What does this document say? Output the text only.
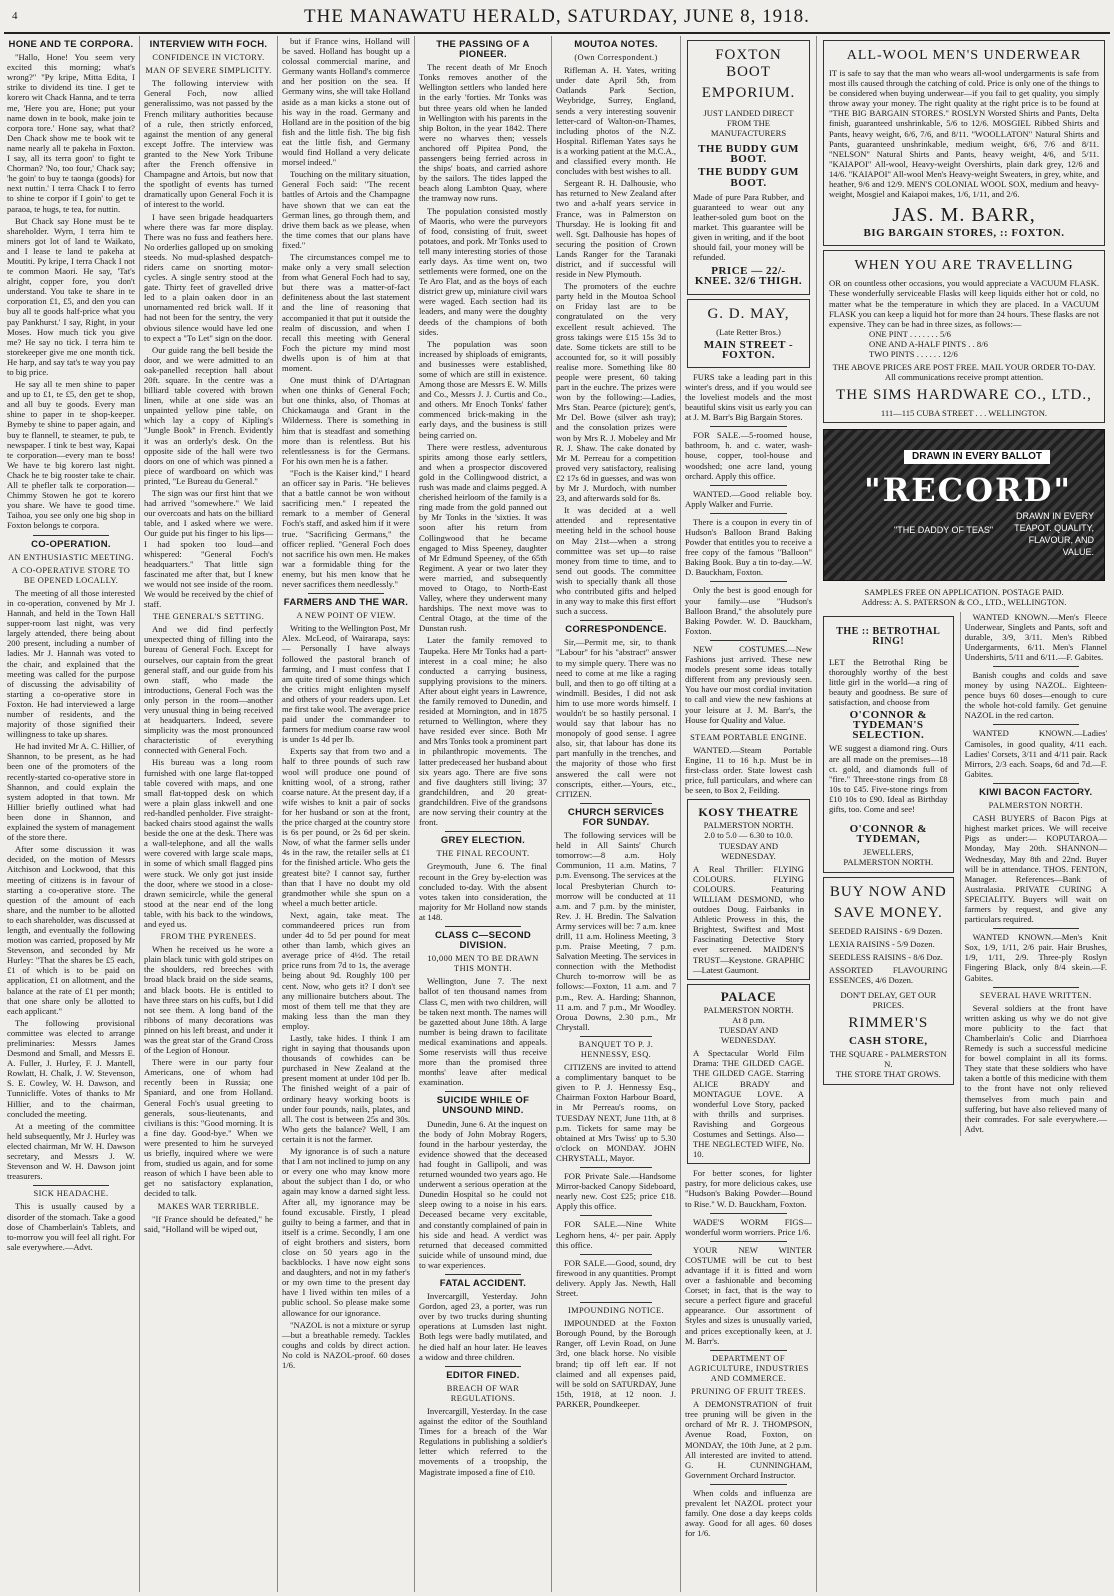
4	THE MANAWATU HERALD, SATURDAY, JUNE 8, 1918.
HONE AND TE CORPORA.

"Hallo, Hone! You seem very excited this morning; what's wrong?" "Py kripe, Mitta Edita, I strike to dividend its tine. I get te korero wit Chack Hanna, and te terra me, 'Here you are, Hone; put your name down in te book, make join te corpora tore.' Hone say, what that? Den Chack show me te book wit te name nearly all te pakeha in Foxton. I say, all its terra goon' to fight te Chorman? 'No, too four,' Chack say; 'he goin' to buy te taonga (goods) for next nuttin.' I terra Chack I to ferro to shine te corpor if I goin' to get te paraoa, te hugs, te tea, for nuttin.

But Chack say Hone must be te shareholder. Wyrn, I terra him te miners got lot of land te Waikato, and I lease te land te pakeha at Moutiti. Py kripe, I terra Chack I not te common Maori. He say, 'Tat's alright, copper fore, you don't understand. You take te share in te corporation £1, £5, and den you can buy all te goods half-price what you pay Pankhurst.' I say, Right, in your Moses. How much tick you give me? He say no tick. I terra him te storekeeper give me one month tick. He harp, and say tat's te way you pay to big price.

He say all te men shine to paper and up to £1, te £5, den get te shop, and all buy te goods. Every man shine to paper in te shop-keeper. Bymeby te shine to paper again, and buy te flannell, te steamer, te pub, te newspaper. I tink te best way, Kapai te corporation—every man te boss! We have te big korero last night. Chack he te big rooster take te chair. All te phefler talk te corporation—Chimmy Stowen he got te korero you share. We have te good time. Taihoa, you see only one big shop in Foxton belongs te corpora.

CO-OPERATION.
AN ENTHUSIASTIC MEETING.
A CO-OPERATIVE STORE TO BE OPENED LOCALLY.

The meeting of all those interested in co-operation, convened by Mr J. Hannah, and held in the Town Hall supper-room last night, was very largely attended, there being about 200 present, including a number of ladies. Mr J. Hannah was voted to the chair, and explained that the meeting was called for the purpose of discussing the advisability of starting a co-operative store in Foxton. He had interviewed a large number of residents, and the majority of those signified their willingness to take up shares.

He had invited Mr A. C. Hillier, of Shannon, to be present, as he had been one of the promoters of the recently-started co-operative store in Shannon, and could explain the system adopted in that town. Mr Hillier briefly outlined what had been done in Shannon, and explained the system of management of the store there.

After some discussion it was decided, on the motion of Messrs Aitchison and Lockwood, that this meeting of citizens is in favour of starting a co-operative store. The question of the amount of each share, and the number to be allotted to each shareholder, was discussed at length, and eventually the following motion was carried, proposed by Mr Stevenson, and seconded by Mr Hurley: "That the shares be £5 each, £1 of which is to be paid on application, £1 on allotment, and the balance at the rate of £1 per month; that one share only be allotted to each applicant."

The following provisional committee was elected to arrange preliminaries: Messrs James Desmond and Small, and Messrs E. A. Fuller, J. Hurley, F. J. Mantell, Rowlatt, H. Chalk, J. W. Stevenson, S. E. Cowley, W. H. Dawson, and Tunnicliffe. Votes of thanks to Mr Hillier, and to the chairman, concluded the meeting.

At a meeting of the committee held subsequently, Mr J. Hurley was elected chairman, Mr W. H. Dawson secretary, and Messrs J. W. Stevenson and W. H. Dawson joint treasurers.

SICK HEADACHE.

This is usually caused by a disorder of the stomach. Take a good dose of Chamberlain's Tablets, and to-morrow you will feel all right. For sale everywhere.—Advt.

INTERVIEW WITH FOCH.
CONFIDENCE IN VICTORY.
MAN OF SEVERE SIMPLICITY.

The following interview with General Foch, now allied generalissimo, was not passed by the French military authorities because of a rule, then strictly enforced, against the mention of any general except Joffre. The interview was granted to the New York Tribune after the French offensive in Champagne and Artois, but now that the spotlight of events has turned dramatically upon General Foch it is of interest to the world.

I have seen brigade headquarters where there was far more display. There was no fuss and feathers here. No orderlies galloped up on smoking steeds. No mud-splashed despatch-riders came on snorting motor-cycles. A single sentry stood at the gate. Thirty feet of gravelled drive led to a plain oaken door in an unornamented red brick wall. If it had not been for the sentry, the very obvious silence would have led one to expect a "To Let" sign on the door.

Our guide rang the bell beside the door, and we were admitted to an oak-panelled reception hall about 20ft. square. In the centre was a billiard table covered with brown linen, while at one side was an unpainted yellow pine table, on which lay a copy of Kipling's "Jungle Book" in French. Evidently it was an orderly's desk. On the opposite side of the hall were two doors on one of which was pinned a piece of wardboard on which was printed, "Le Bureau du General."

The sign was our first hint that we had arrived "somewhere." We laid our overcoats and hats on the billiard table, and I asked where we were. Our guide put his finger to his lips—I had spoken too loud—and whispered: "General Foch's headquarters." That little sign fascinated me after that, but I knew we would not see inside of the room. We would be received by the chief of staff.

THE GENERAL'S SETTING.

And we did find perfectly unexpected thing of filling into the bureau of General Foch. Except for ourselves, our captain from the great general staff, and our guide from his own staff, who made the introductions, General Foch was the only person in the room—another very unusual thing in being received at headquarters. Indeed, severe simplicity was the most pronounced characteristic of everything connected with General Foch.

His bureau was a long room furnished with one large flat-topped table covered with maps, and one small flat-topped desk on which were a plain glass inkwell and one red-handled penholder. Five straight-backed chairs stood against the walls beside the one at the desk. There was a wall-telephone, and all the walls were covered with large scale maps, in some of which small flagged pins were stuck. We only got just inside the door, where we stood in a close-drawn semicircle, while the general stood at the near end of the long table, with his back to the windows, and eyed us.

FROM THE PYRENEES.

When he received us he wore a plain black tunic with gold stripes on the shoulders, red breeches with broad black braid on the side seams, and black boots. He is entitled to have three stars on his cuffs, but I did not see them. A long band of the ribbons of many decorations was pinned on his left breast, and under it was the great star of the Grand Cross of the Legion of Honour.

There were in our party four Americans, one of whom had recently been in Russia; one Spaniard, and one from Holland. General Foch's usual greeting to generals, sous-lieutenants, and civilians is this: "Good morning. It is a fine day. Good-bye." When we were presented to him he surveyed us briefly, inquired where we were from, studied us again, and for some reason of which I have been able to get no satisfactory explanation, decided to talk.

MAKES WAR TERRIBLE.

"If France should be defeated," he said, "Holland will be wiped out,

but if France wins, Holland will be saved. Holland has bought up a colossal commercial marine, and Germany wants Holland's commerce and her position on the sea. If Germany wins, she will take Holland aside as a man kicks a stone out of his way in the road. Germany and Holland are in the position of the big fish and the little fish. The big fish eat the little fish, and Germany would find Holland a very delicate morsel indeed."

Touching on the military situation, General Foch said: "The recent battles of Artois and the Champagne have shown that we can eat the German lines, go through them, and drive them back as we please, when the time comes that our plans have fixed."

The circumstances compel me to make only a very small selection from what General Foch had to say, but there was a matter-of-fact definiteness about the last statement and the line of reasoning that accompanied it that put it outside the realm of discussion, and when I recall this meeting with General Foch the picture my mind most dwells upon is of him at that moment.

One must think of D'Artagnan when one thinks of General Foch; but one thinks, also, of Thomas at Chickamauga and Grant in the Wilderness. There is something in him that is steadfast and something more than is relentless. But his relentlessness is for the Germans. For his own men he is a father.

"Foch is the Kaiser kind," I heard an officer say in Paris. "He believes that a battle cannot be won without sacrificing men." I repeated the remark to a member of General Foch's staff, and asked him if it were true. "Sacrificing Germans," the officer replied. "General Foch does not sacrifice his own men. He makes war a formidable thing for the enemy, but his men know that he never sacrifices them needlessly."

FARMERS AND THE WAR.
A NEW POINT OF VIEW.

Writing to the Wellington Post, Mr Alex. McLeod, of Wairarapa, says: — Personally I have always followed the pastoral branch of farming, and I must confess that I am quite tired of some things which the critics might enlighten myself and others of your readers upon. Let me first take wool. The average price paid under the commandeer to farmers for medium coarse raw wool is under 1s 4d per lb.

Experts say that from two and a half to three pounds of such raw wool will produce one pound of knitting wool, of a strong, rather coarse nature. At the present day, if a wife wishes to knit a pair of socks for her husband or son at the front, the price charged at the country store is 6s per pound, or 2s 6d per skein. Now, of what the farmer sells under 4s in the raw, the retailer sells at £1 for the finished article. Who gets the greatest bite? I cannot say, further than that I have no doubt my old grandmother while she spun on a wheel a much better article.

Next, again, take meat. The commandeered prices run from under 4d to 5d per pound for meat other than lamb, which gives an average price of 4½d. The retail price runs from 7d to 1s, the average being about 9d. Roughly 100 per cent. Now, who gets it? I don't see any millionaire butchers about. The most of them tell me that they are making less than the man they employ.

Lastly, take hides. I think I am right in saying that thousands upon thousands of cowhides can be purchased in New Zealand at the present moment at under 10d per lb. The finished weight of a pair of ordinary heavy working boots is under four pounds, nails, plates, and all. The cost is between 25s and 30s. Who gets the balance? Well, I am certain it is not the farmer.

My ignorance is of such a nature that I am not inclined to jump on any or every one who may know more about the subject than I do, or who again may know a darned sight less. After all, my ignorance may be found excusable. Firstly, I plead guilty to being a farmer, and that in itself is a crime. Secondly, I am one of eight brothers and sisters, born close on 50 years ago in the backblocks. I have now eight sons and daughters, and not in my father's or my own time to the present day have I lived within ten miles of a public school. So please make some allowance for our ignorance.

"NAZOL is not a mixture or syrup —but a breathable remedy. Tackles coughs and colds by direct action. No cold is NAZOL-proof. 60 doses 1/6.

THE PASSING OF A PIONEER.

The recent death of Mr Enoch Tonks removes another of the Wellington settlers who landed here in the early 'forties. Mr Tonks was but three years old when he landed in Wellington with his parents in the ship Bolton, in the year 1842. There were no wharves then; vessels anchored off Pipitea Pond, the passengers being ferried across in the ships' boats, and carried ashore by the sailors. The tides lapped the beach along Lambton Quay, where the tramway now runs.

The population consisted mostly of Maoris, who were the purveyors of food, consisting of fruit, sweet potatoes, and pork. Mr Tonks used to tell many interesting stories of those early days. As time went on, two settlements were formed, one on the Te Aro Flat, and as the boys of each district grew up, miniature civil wars were waged. Each section had its leaders, and many were the doughty deeds of the champions of both sides.

The population was soon increased by shiploads of emigrants, and businesses were established, some of which are still in existence. Among those are Messrs E. W. Mills and Co., Messrs J. J. Curtis and Co., and others. Mr Enoch Tonks' father commenced brick-making in the early days, and the business is still being carried on.

There were restless, adventurous spirits among those early settlers, and when a prospector discovered gold in the Collingwood district, a rush was made and claims pegged. A cherished heirloom of the family is a ring made from the gold panned out by Mr Tonks in the 'sixties. It was soon after his return from Collingwood that he became engaged to Miss Speeney, daughter of Mr Edmund Speeney, of the 65th Regiment. A year or two later they were married, and subsequently moved to Otago, to North-East Valley, where they underwent many hardships. The next move was to Central Otago, at the time of the Dunstan rush.

Later the family removed to Taupeka. Here Mr Tonks had a part-interest in a coal mine; he also conducted a carrying business, supplying provisions to the miners. After about eight years in Lawrence, the family removed to Dunedin, and resided at Mornington, and in 1875 returned to Wellington, where they have resided ever since. Both Mr and Mrs Tonks took a prominent part in philanthropic movements. The latter predeceased her husband about six years ago. There are five sons and five daughters still living; 37 grandchildren, and 20 great-grandchildren. Five of the grandsons are now serving their country at the front.

GREY ELECTION.
THE FINAL RECOUNT.

Greymouth, June 6. The final recount in the Grey by-election was concluded to-day. With the absent votes taken into consideration, the majority for Mr Holland now stands at 148.

CLASS C—SECOND DIVISION.
10,000 MEN TO BE DRAWN THIS MONTH.

Wellington, June 7. The next ballot of ten thousand names from Class C, men with two children, will be taken next month. The names will be gazetted about June 18th. A large number is being drawn to facilitate medical examinations and appeals. Some reservists will thus receive more than the promised three months' leave after medical examination.

SUICIDE WHILE OF UNSOUND MIND.

Dunedin, June 6. At the inquest on the body of John Mobray Rogers, found in the harbour yesterday, the evidence showed that the deceased had fought in Gallipoli, and was returned wounded two years ago. He underwent a serious operation at the Dunedin Hospital so he could not sleep owing to a noise in his ears. Deceased became very excitable, and constantly complained of pain in his side and head. A verdict was returned that deceased committed suicide while of unsound mind, due to war experiences.

FATAL ACCIDENT.

Invercargill, Yesterday. John Gordon, aged 23, a porter, was run over by two trucks during shunting operations at Lumsden last night. Both legs were badly mutilated, and he died half an hour later. He leaves a widow and three children.

EDITOR FINED.
BREACH OF WAR REGULATIONS.

Invercargill, Yesterday. In the case against the editor of the Southland Times for a breach of the War Regulations in publishing a soldier's letter which referred to the movements of a troopship, the Magistrate imposed a fine of £10.

MOUTOA NOTES.
(Own Correspondent.)

Rifleman A. H. Yates, writing under date April 5th, from Oatlands Park Section, Weybridge, Surrey, England, sends a very interesting souvenir letter-card of Walton-on-Thames, including photos of the N.Z. Hospital. Rifleman Yates says he is a working patient at the M.C.A., and classified every month. He concludes with best wishes to all.

Sergeant R. H. Dalhousie, who has returned to New Zealand after two and a-half years service in France, was in Palmerston on Thursday. He is looking fit and well. Sgt. Dalhousie has hopes of securing the position of Crown Lands Ranger for the Taranaki district, and if successful will reside in New Plymouth.

The promoters of the euchre party held in the Moutoa School on Friday last are to be congratulated on the very excellent result achieved. The gross takings were £15 15s 3d to date. Some tickets are still to be accounted for, so it will possibly realise more. Something like 80 people were present, 60 taking part in the euchre. The prizes were won by the following:—Ladies, Mrs Stan. Pearce (picture); gent's, Mr Del. Bowe (silver ash tray); and the consolation prizes were won by Mrs R. J. Mobeley and Mr R. J. Shaw. The cake donated by Mr M. Perreau for a competition proved very satisfactory, realising £2 17s 6d in guesses, and was won by Mr J. Murdoch, with number 23, and afterwards sold for 8s.

It was decided at a well attended and representative meeting held in the school house on May 21st—when a strong committee was set up—to raise money from time to time, and to send out goods. The committee wish to specially thank all those who contributed gifts and helped in any way to make this first effort such a success.

CORRESPONDENCE.

Sir,—Permit me, sir, to thank "Labour" for his "abstract" answer to my simple query. There was no need to come at me like a raging bull, and then to go off tilting at a windmill. Besides, I did not ask him to use more words himself. I wouldn't be so hastily personal. I would say that labour has no monopoly of good sense. I agree also, sir, that labour has done its part manfully in the trenches, and the majority of those who first answered the call were not conscripts, either.—Yours, etc., CITIZEN.

CHURCH SERVICES FOR SUNDAY.

The following services will be held in All Saints' Church tomorrow:—8 a.m. Holy Communion, 11 a.m. Matins, 7 p.m. Evensong. The services at the local Presbyterian Church to-morrow will be conducted at 11 a.m. and 7 p.m. by the minister, Rev. J. H. Bredin. The Salvation Army services will be: 7 a.m. knee drill, 11 a.m. Holiness Meeting, 3 p.m. Praise Meeting, 7 p.m. Salvation Meeting. The services in connection with the Methodist Church to-morrow will be as follows:—Foxton, 11 a.m. and 7 p.m., Rev. A. Harding; Shannon, 11 a.m. and 7 p.m., Mr Woodley. Oroua Downs, 2.30 p.m., Mr Chrystall.

BANQUET TO P. J. HENNESSY, ESQ.

CITIZENS are invited to attend a complimentary banquet to be given to P. J. Hennessy Esq., Chairman Foxton Harbour Board, in Mr Perreau's rooms, on TUESDAY NEXT, June 11th, at 8 p.m. Tickets for same may be obtained at Mrs Twiss' up to 5.30 o'clock on MONDAY. JOHN CHRYSTALL, Mayor.

FOR Private Sale.—Handsome Mirror-backed Canopy Sideboard, nearly new. Cost £25; price £18. Apply this office.

FOR SALE.—Nine White Leghorn hens, 4/- per pair. Apply this office.

FOR SALE.—Good, sound, dry firewood in any quantities. Prompt delivery. Apply Jas. Newth, Hall Street.

IMPOUNDING NOTICE.

IMPOUNDED at the Foxton Borough Pound, by the Borough Ranger, off Levin Road, on June 3rd, one black horse. No visible brand; tip off left ear. If not claimed and all expenses paid, will be sold on SATURDAY, June 15th, 1918, at 12 noon. J. PARKER, Poundkeeper.

FOXTON BOOT
EMPORIUM.
JUST LANDED DIRECT FROM THE MANUFACTURERS
THE BUDDY GUM BOOT.
THE BUDDY GUM BOOT.
Made of pure Para Rubber, and guaranteed to wear out any leather-soled gum boot on the market. This guarantee will be given in writing, and if the boot should fail, your money will be refunded.
PRICE — 22/- KNEE. 32/6 THIGH.
G. D. MAY,
(Late Retter Bros.)
MAIN STREET - FOXTON.

FURS take a leading part in this winter's dress, and if you would see the loveliest models and the most beautiful skins visit us early you can at J. M. Barr's Big Bargain Stores.

FOR SALE.—5-roomed house, bathroom, h. and c. water, wash-house, copper, tool-house and woodshed; one acre land, young orchard. Apply this office.

WANTED.—Good reliable boy. Apply Walker and Furrie.

There is a coupon in every tin of Hudson's Balloon Brand Baking Powder that entitles you to receive a free copy of the famous "Balloon" Baking Book. Buy a tin to-day.—W. D. Bauckham, Foxton.

Only the best is good enough for your family—use "Hudson's Balloon Brand," the absolutely pure Baking Powder. W. D. Bauckham, Foxton.

NEW COSTUMES.—New Fashions just arrived. These new models present some ideas totally different from any previously seen. You have our most cordial invitation to call and view the new fashions at your leisure at J. M. Barr's, the House for Quality and Value.

STEAM PORTABLE ENGINE.

WANTED.—Steam Portable Engine, 11 to 16 h.p. Must be in first-class order. State lowest cash price, full particulars, and where can be seen, to Box 2, Feilding.

KOSY THEATRE
PALMERSTON NORTH.
2.0 to 5.0 — 6.30 to 10.0.
TUESDAY AND WEDNESDAY.
A Real Thriller: FLYING COLOURS. FLYING COLOURS. Featuring WILLIAM DESMOND, who outdoes Doug. Fairbanks in Athletic Prowess in this, the Brightest, Swiftest and Most Fascinating Detective Story ever screened. MAIDEN'S TRUST—Keystone. GRAPHIC—Latest Gaumont.
PALACE
PALMERSTON NORTH.
At 8 p.m.
TUESDAY AND WEDNESDAY.
A Spectacular World Film Drama: THE GILDED CAGE. THE GILDED CAGE. Starring ALICE BRADY and MONTAGUE LOVE. A wonderful Love Story, packed with thrills and surprises. Ravishing and Gorgeous Costumes and Settings. Also—THE NEGLECTED WIFE, No. 10.

For better scones, for lighter pastry, for more delicious cakes, use "Hudson's Baking Powder—Bound to Rise." W. D. Bauckham, Foxton.

WADE'S WORM FIGS—wonderful worm worriers. Price 1/6.

YOUR NEW WINTER COSTUME will be cut to best advantage if it is fitted and worn over a fashionable and becoming Corset; in fact, that is the way to secure a perfect figure and graceful appearance. Our assortment of Styles and sizes is unusually varied, and prices exceptionally keen, at J. M. Barr's.

DEPARTMENT OF AGRICULTURE, INDUSTRIES AND COMMERCE.
PRUNING OF FRUIT TREES.

A DEMONSTRATION of fruit tree pruning will be given in the orchard of Mr R. J. THOMPSON, Avenue Road, Foxton, on MONDAY, the 10th June, at 2 p.m. All interested are invited to attend. G. H. CUNNINGHAM, Government Orchard Instructor.

When colds and influenza are prevalent let NAZOL protect your family. One dose a day keeps colds away. Good for all ages. 60 doses for 1/6.

ALL-WOOL MEN'S UNDERWEAR
IT is safe to say that the man who wears all-wool undergarments is safe from most ills caused through the catching of cold. Price is only one of the things to be considered when buying underwear—if you fail to get quality, you simply throw away your money. The right quality at the right price is to be found at "THE BIG BARGAIN STORES." ROSLYN Worsted Shirts and Pants, Delta finish, guaranteed unshrinkable, 5/6 to 12/6. MOSGIEL Ribbed Shirts and Pants, heavy weight, 6/6, 7/6, and 8/11. "WOOLLATON" Natural Shirts and Pants, guaranteed unshrinkable, medium weight, 6/6, 7/6 and 8/11. "NELSON" Natural Shirts and Pants, heavy weight, 4/6, and 5/11. "KAIAPOI" All-wool, Heavy-weight Overshirts, plain dark grey, 12/6 and 14/6. "KAIAPOI" All-wool Men's Heavy-weight Sweaters, in grey, white, and heather, 9/6 and 12/9. MEN'S COLONIAL WOOL SOX, medium and heavy-weight, Mosgiel and Kaiapoi makes, 1/6, 1/11, and 2/6.
JAS. M. BARR,
BIG BARGAIN STORES, :: FOXTON.
WHEN YOU ARE TRAVELLING
OR on countless other occasions, you would appreciate a VACUUM FLASK. These wonderfully serviceable Flasks will keep liquids either hot or cold, no matter what be the temperature in which they are placed. In a VACUUM FLASK you can keep a liquid hot for more than 24 hours. These flasks are not expensive. They can be had in three sizes, as follows:—
ONE PINT . . . . . . . 5/6
ONE AND A-HALF PINTS . . 8/6
TWO PINTS . . . . . . 12/6
THE ABOVE PRICES ARE POST FREE. MAIL YOUR ORDER TO-DAY. All communications receive prompt attention.
THE SIMS HARDWARE CO., LTD.,
111—115 CUBA STREET . . . WELLINGTON.
DRAWN IN EVERY BALLOT
"RECORD"
"THE DADDY OF TEAS"
DRAWN IN EVERY TEAPOT. QUALITY, FLAVOUR, AND VALUE.
SAMPLES FREE ON APPLICATION. POSTAGE PAID.
Address: A. S. PATERSON & CO., LTD., WELLINGTON.
THE :: BETROTHAL RING!
LET the Betrothal Ring be thoroughly worthy of the best little girl in the world—a ring of beauty and goodness. Be sure of satisfaction, and choose from
O'CONNOR & TYDEMAN'S SELECTION.
WE suggest a diamond ring. Ours are all made on the premises—18 ct. gold, and diamonds full of "fire." Three-stone rings from £8 10s to £45. Five-stone rings from £10 10s to £90. Ideal as Birthday gifts, too. Come and see!
O'CONNOR & TYDEMAN,
JEWELLERS,
PALMERSTON NORTH.
BUY NOW AND
SAVE MONEY.
SEEDED RAISINS - 6/9 Dozen.
LEXIA RAISINS - 5/9 Dozen.
SEEDLESS RAISINS - 8/6 Doz.
ASSORTED FLAVOURING ESSENCES, 4/6 Dozen.
DON'T DELAY, GET OUR PRICES.
RIMMER'S
CASH STORE,
THE SQUARE - PALMERSTON N.
THE STORE THAT GROWS.

WANTED KNOWN.—Men's Fleece Underwear, Singlets and Pants, soft and durable, 3/9, 3/11. Men's Ribbed Undergarments, 6/11. Men's Flannel Undershirts, 5/11 and 6/11.—F. Gabites.

Banish coughs and colds and save money by using NAZOL. Eighteen-pence buys 60 doses—enough to cure the whole hot-cold family. Get genuine NAZOL in the red carton.

WANTED KNOWN.—Ladies' Camisoles, in good quality, 4/11 each. Ladies' Corsets, 3/11 and 4/11 pair. Rack Mirrors, 2/3 each. Soaps, 6d and 7d.—F. Gabites.

KIWI BACON FACTORY.
PALMERSTON NORTH.

CASH BUYERS of Bacon Pigs at highest market prices. We will receive Pigs as under:— KOPUTAROA—Monday, May 20th. SHANNON—Wednesday, May 8th and 22nd. Buyer will be in attendance. THOS. FENTON, Manager. References—Bank of Australasia. PRIVATE CURING A SPECIALITY. Buyers will wait on farmers by request, and give any particulars required.

WANTED KNOWN.—Men's Knit Sox, 1/9, 1/11, 2/6 pair. Hair Brushes, 1/9, 1/11, 2/9. Three-ply Roslyn Fingering Black, only 8/4 skein.—F. Gabites.

SEVERAL HAVE WRITTEN.

Several soldiers at the front have written asking us why we do not give more publicity to the fact that Chamberlain's Colic and Diarrhoea Remedy is such a successful medicine for bowel complaint in all its forms. They state that these soldiers who have taken a bottle of this medicine with them to the front have not only relieved themselves from much pain and suffering, but have also relieved many of their comrades. For sale everywhere.—Advt.
